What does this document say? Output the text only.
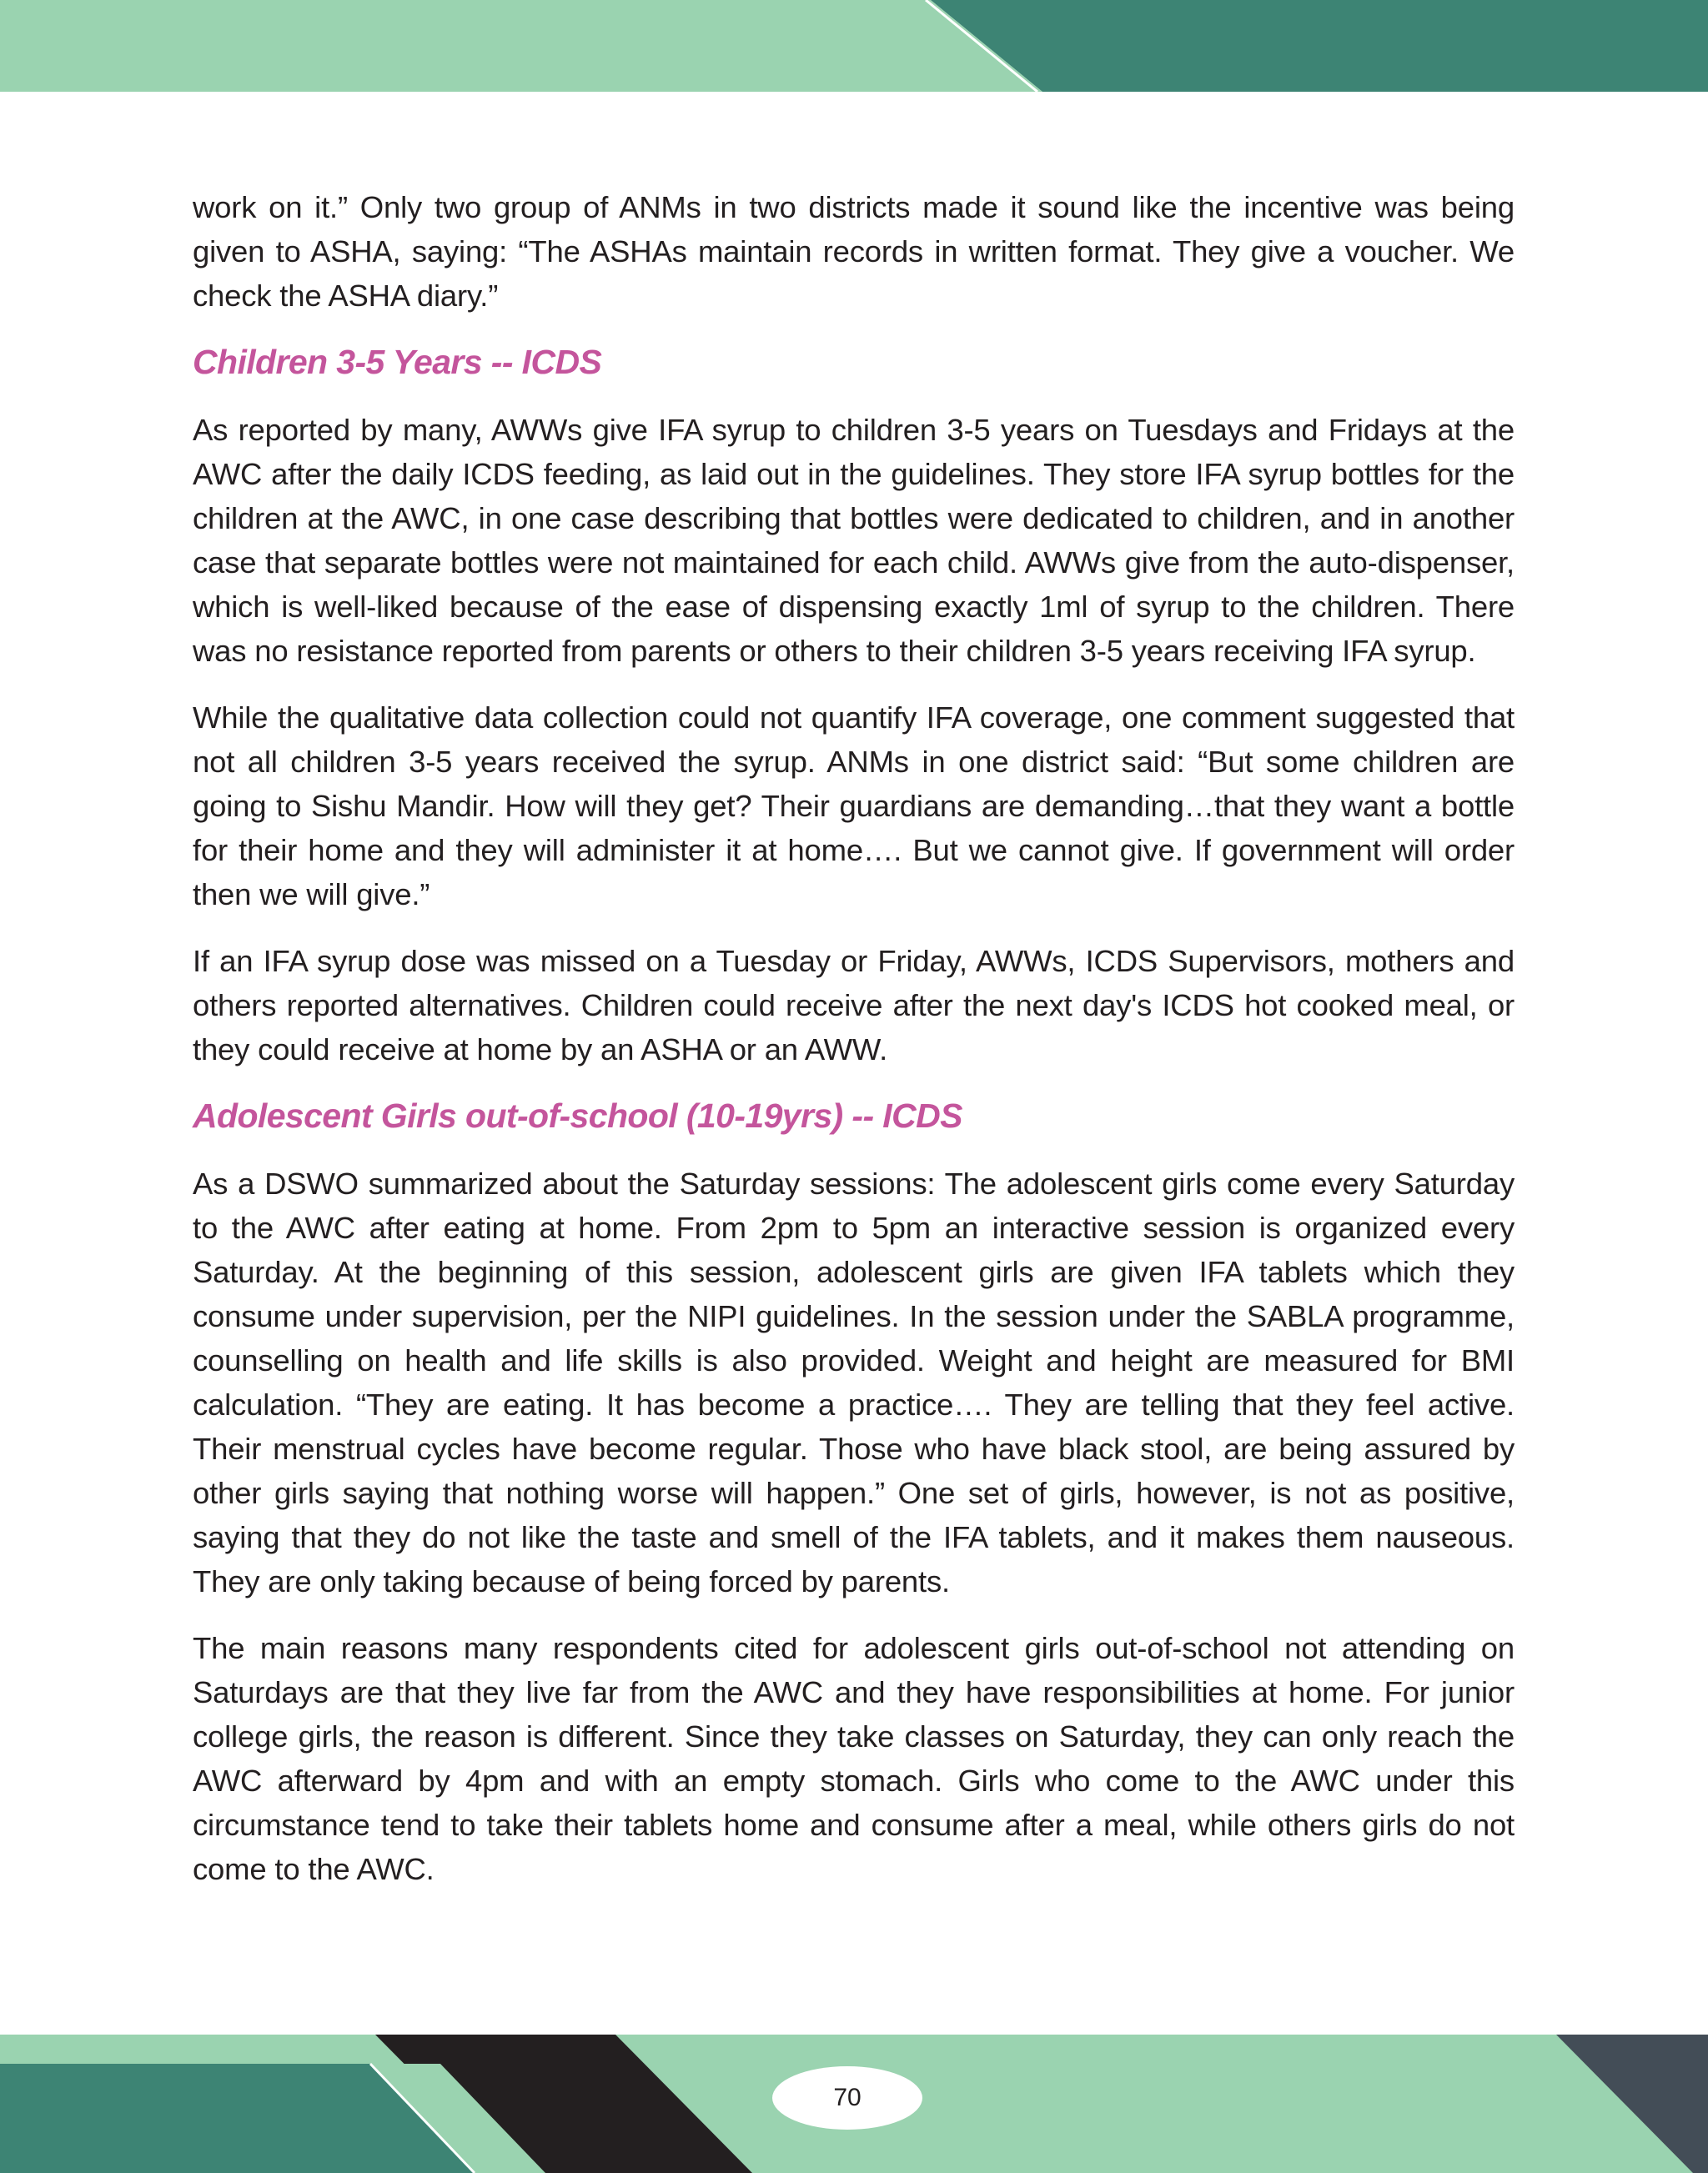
work on it.” Only two group of ANMs in two districts made it sound like the incentive was being given to ASHA, saying: “The ASHAs maintain records in written format. They give a voucher. We check the ASHA diary.”

Children 3-5 Years -- ICDS

As reported by many, AWWs give IFA syrup to children 3-5 years on Tuesdays and Fridays at the AWC after the daily ICDS feeding, as laid out in the guidelines. They store IFA syrup bottles for the children at the AWC, in one case describing that bottles were dedicated to children, and in another case that separate bottles were not maintained for each child. AWWs give from the auto-dispenser, which is well-liked because of the ease of dispensing exactly 1ml of syrup to the children. There was no resistance reported from parents or others to their children 3-5 years receiving IFA syrup.

While the qualitative data collection could not quantify IFA coverage, one comment suggested that not all children 3-5 years received the syrup. ANMs in one district said: “But some children are going to Sishu Mandir. How will they get? Their guardians are demanding…that they want a bottle for their home and they will administer it at home…. But we cannot give. If government will order then we will give.”

If an IFA syrup dose was missed on a Tuesday or Friday, AWWs, ICDS Supervisors, mothers and others reported alternatives. Children could receive after the next day's ICDS hot cooked meal, or they could receive at home by an ASHA or an AWW.

Adolescent Girls out-of-school (10-19yrs) -- ICDS

As a DSWO summarized about the Saturday sessions: The adolescent girls come every Saturday to the AWC after eating at home. From 2pm to 5pm an interactive session is organized every Saturday. At the beginning of this session, adolescent girls are given IFA tablets which they consume under supervision, per the NIPI guidelines. In the session under the SABLA programme, counselling on health and life skills is also provided. Weight and height are measured for BMI calculation. “They are eating. It has become a practice…. They are telling that they feel active. Their menstrual cycles have become regular. Those who have black stool, are being assured by other girls saying that nothing worse will happen.” One set of girls, however, is not as positive, saying that they do not like the taste and smell of the IFA tablets, and it makes them nauseous. They are only taking because of being forced by parents.

The main reasons many respondents cited for adolescent girls out-of-school not attending on Saturdays are that they live far from the AWC and they have responsibilities at home. For junior college girls, the reason is different. Since they take classes on Saturday, they can only reach the AWC afterward by 4pm and with an empty stomach. Girls who come to the AWC under this circumstance tend to take their tablets home and consume after a meal, while others girls do not come to the AWC.

70
